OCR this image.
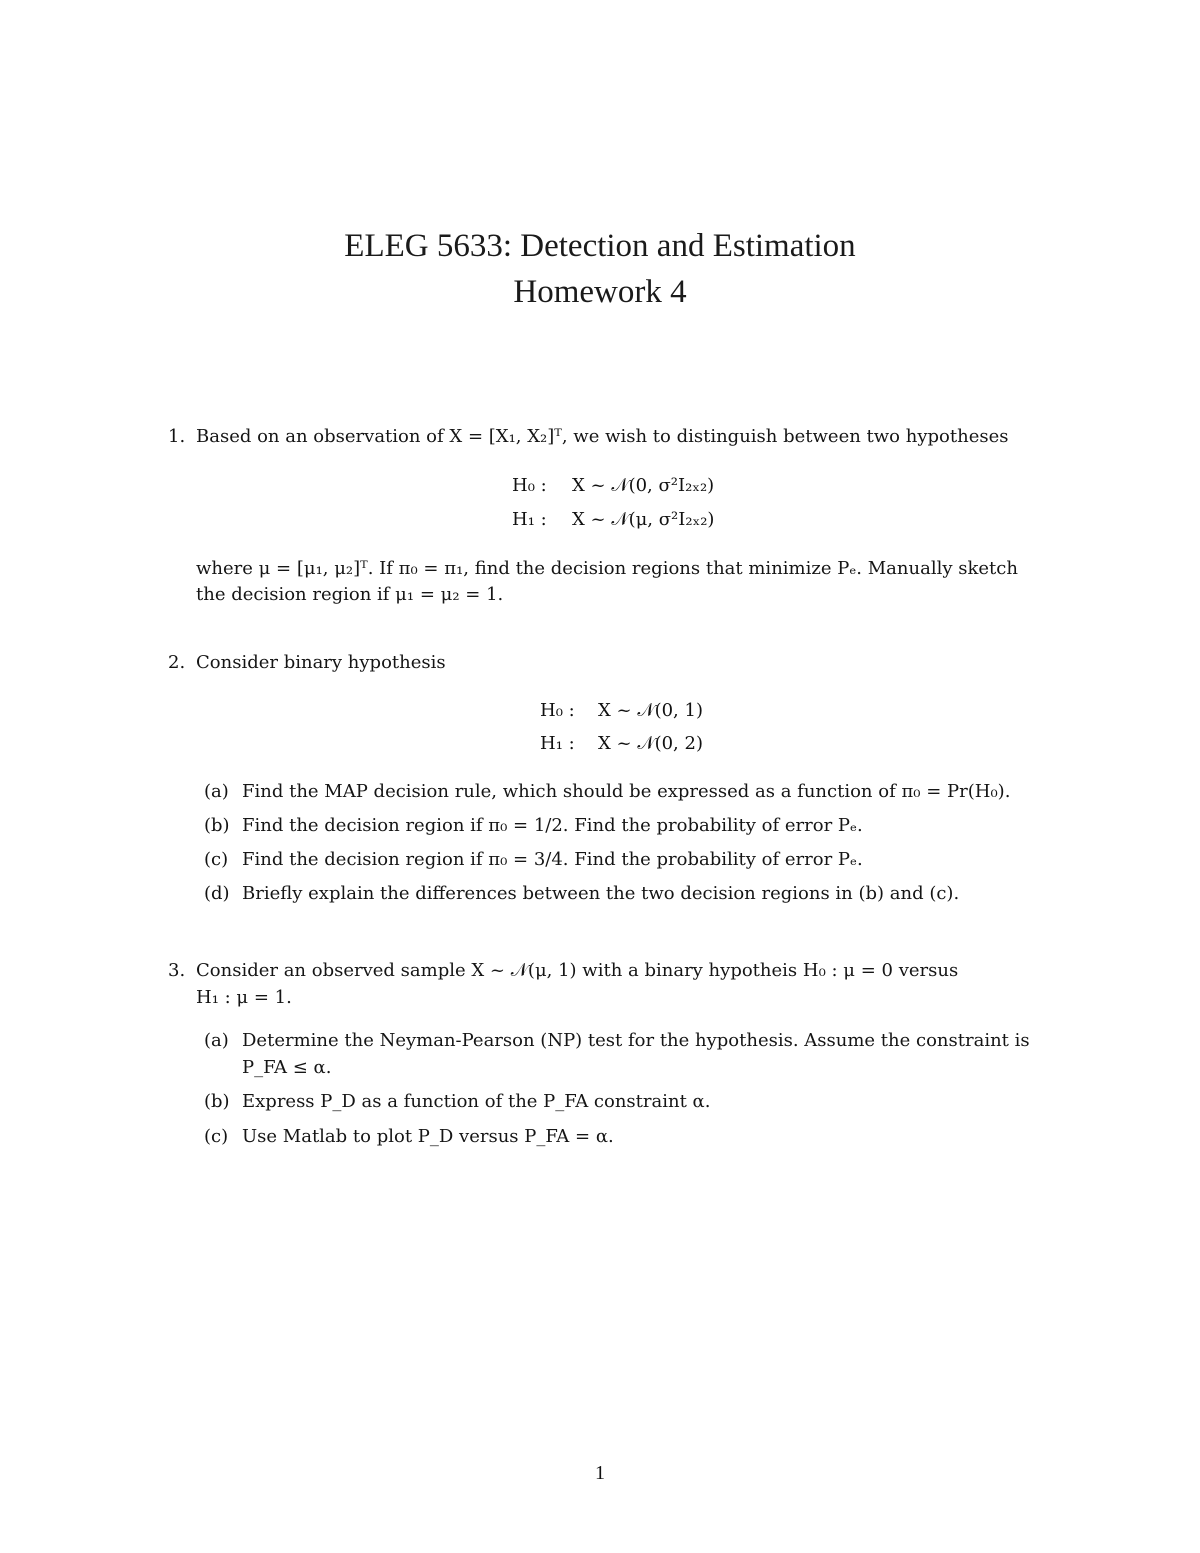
ELEG 5633: Detection and Estimation
Homework 4
1. Based on an observation of X = [X₁, X₂]ᵀ, we wish to distinguish between two hypotheses
H₀ : X ~ 𝒩(0, σ²I₂ₓ₂)
H₁ : X ~ 𝒩(μ, σ²I₂ₓ₂)
where μ = [μ₁, μ₂]ᵀ. If π₀ = π₁, find the decision regions that minimize Pₑ. Manually sketch
the decision region if μ₁ = μ₂ = 1.
2. Consider binary hypothesis
H₀ : X ~ 𝒩(0, 1)
H₁ : X ~ 𝒩(0, 2)
(a) Find the MAP decision rule, which should be expressed as a function of π₀ = Pr(H₀).
(b) Find the decision region if π₀ = 1/2. Find the probability of error Pₑ.
(c) Find the decision region if π₀ = 3/4. Find the probability of error Pₑ.
(d) Briefly explain the differences between the two decision regions in (b) and (c).
3. Consider an observed sample X ~ 𝒩(μ, 1) with a binary hypotheis H₀ : μ = 0 versus
H₁ : μ = 1.
(a) Determine the Neyman-Pearson (NP) test for the hypothesis. Assume the constraint is
P_FA ≤ α.
(b) Express P_D as a function of the P_FA constraint α.
(c) Use Matlab to plot P_D versus P_FA = α.
1
